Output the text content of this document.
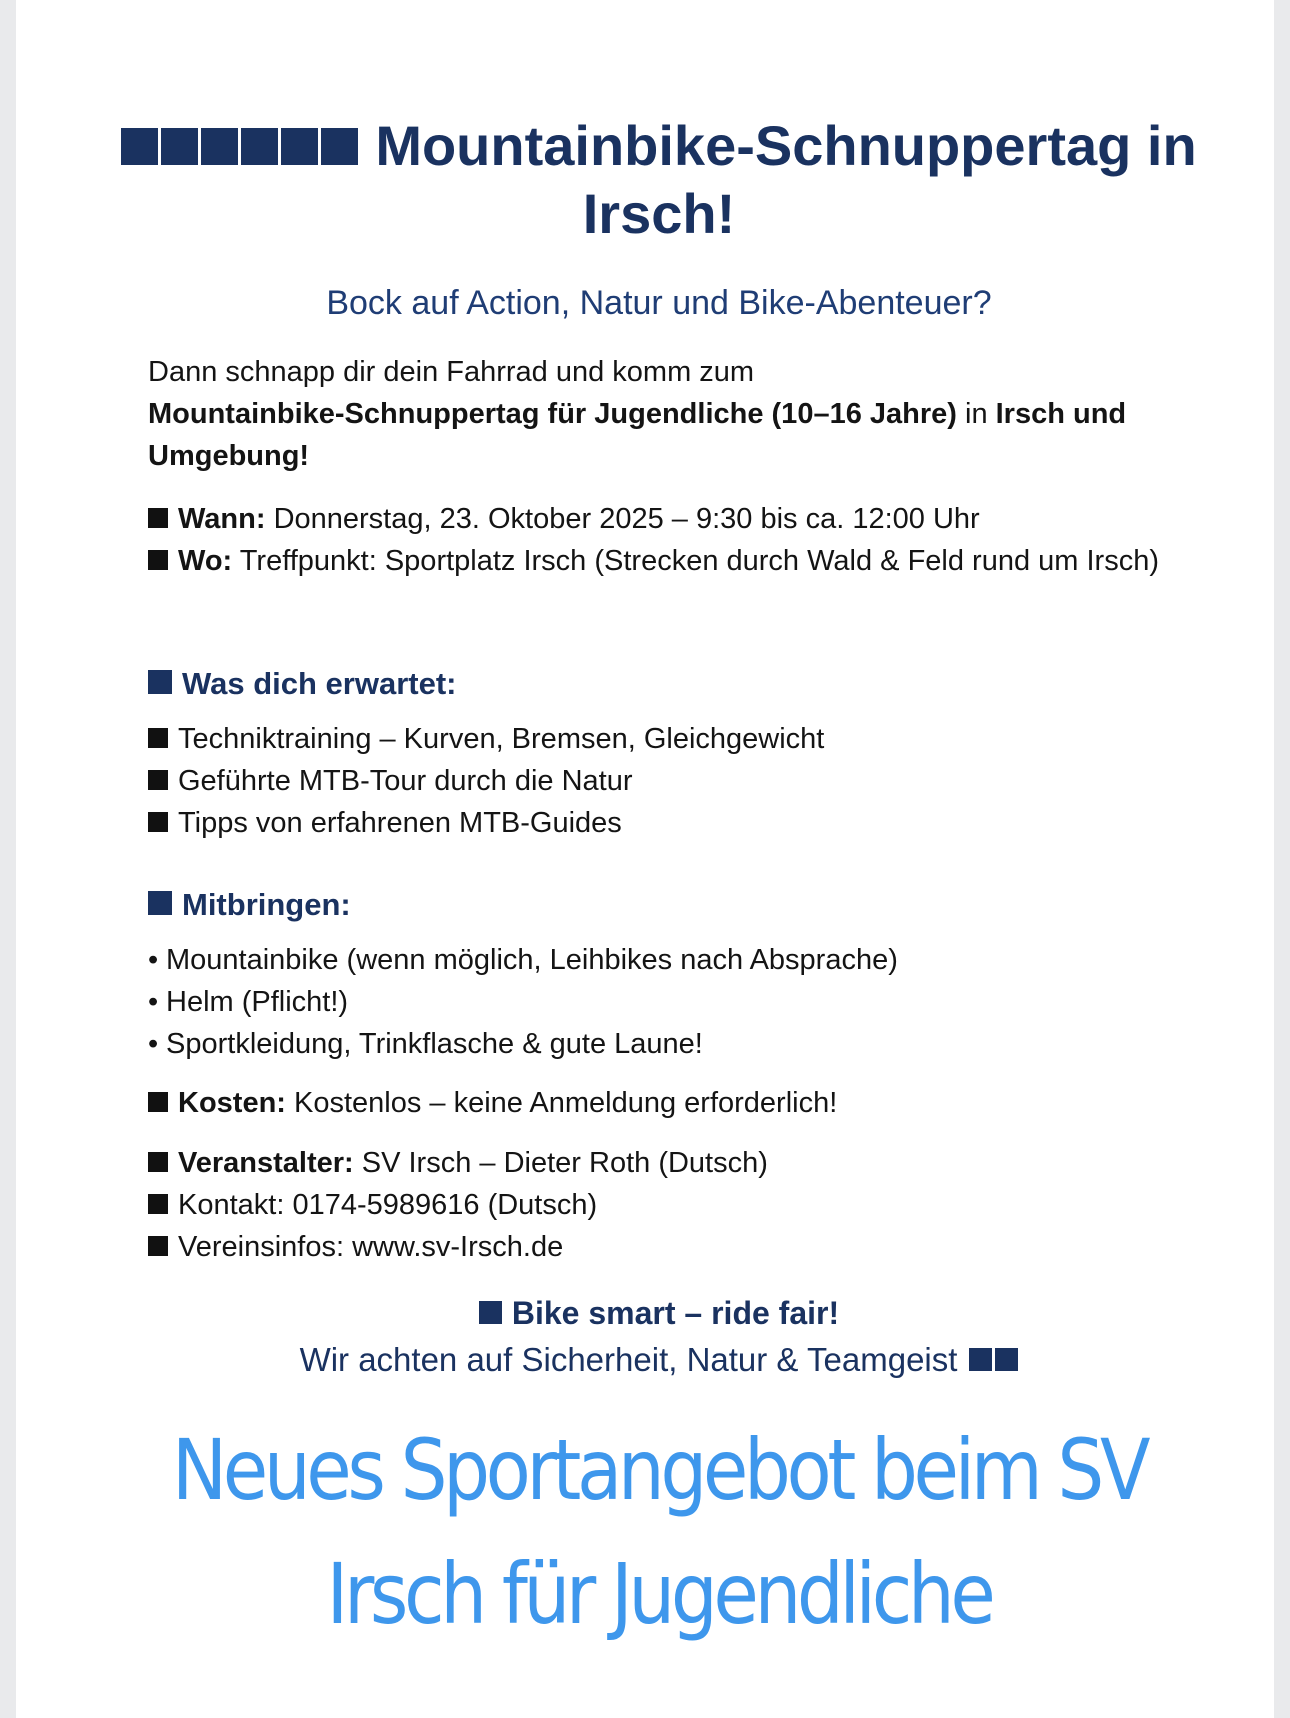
Mountainbike-Schnuppertag in Irsch!

Bock auf Action, Natur und Bike-Abenteuer?

Dann schnapp dir dein Fahrrad und komm zum
Mountainbike-Schnuppertag für Jugendliche (10–16 Jahre) in Irsch und Umgebung!

Wann: Donnerstag, 23. Oktober 2025 – 9:30 bis ca. 12:00 Uhr
Wo: Treffpunkt: Sportplatz Irsch (Strecken durch Wald & Feld rund um Irsch)

Was dich erwartet:

Techniktraining – Kurven, Bremsen, Gleichgewicht
Geführte MTB-Tour durch die Natur
Tipps von erfahrenen MTB-Guides

Mitbringen:

• Mountainbike (wenn möglich, Leihbikes nach Absprache)
• Helm (Pflicht!)
• Sportkleidung, Trinkflasche & gute Laune!

Kosten: Kostenlos – keine Anmeldung erforderlich!

Veranstalter: SV Irsch – Dieter Roth (Dutsch)
Kontakt: 0174-5989616 (Dutsch)
Vereinsinfos: www.sv-Irsch.de

Bike smart – ride fair!

Wir achten auf Sicherheit, Natur & Teamgeist

Neues Sportangebot beim SV
Irsch für Jugendliche
